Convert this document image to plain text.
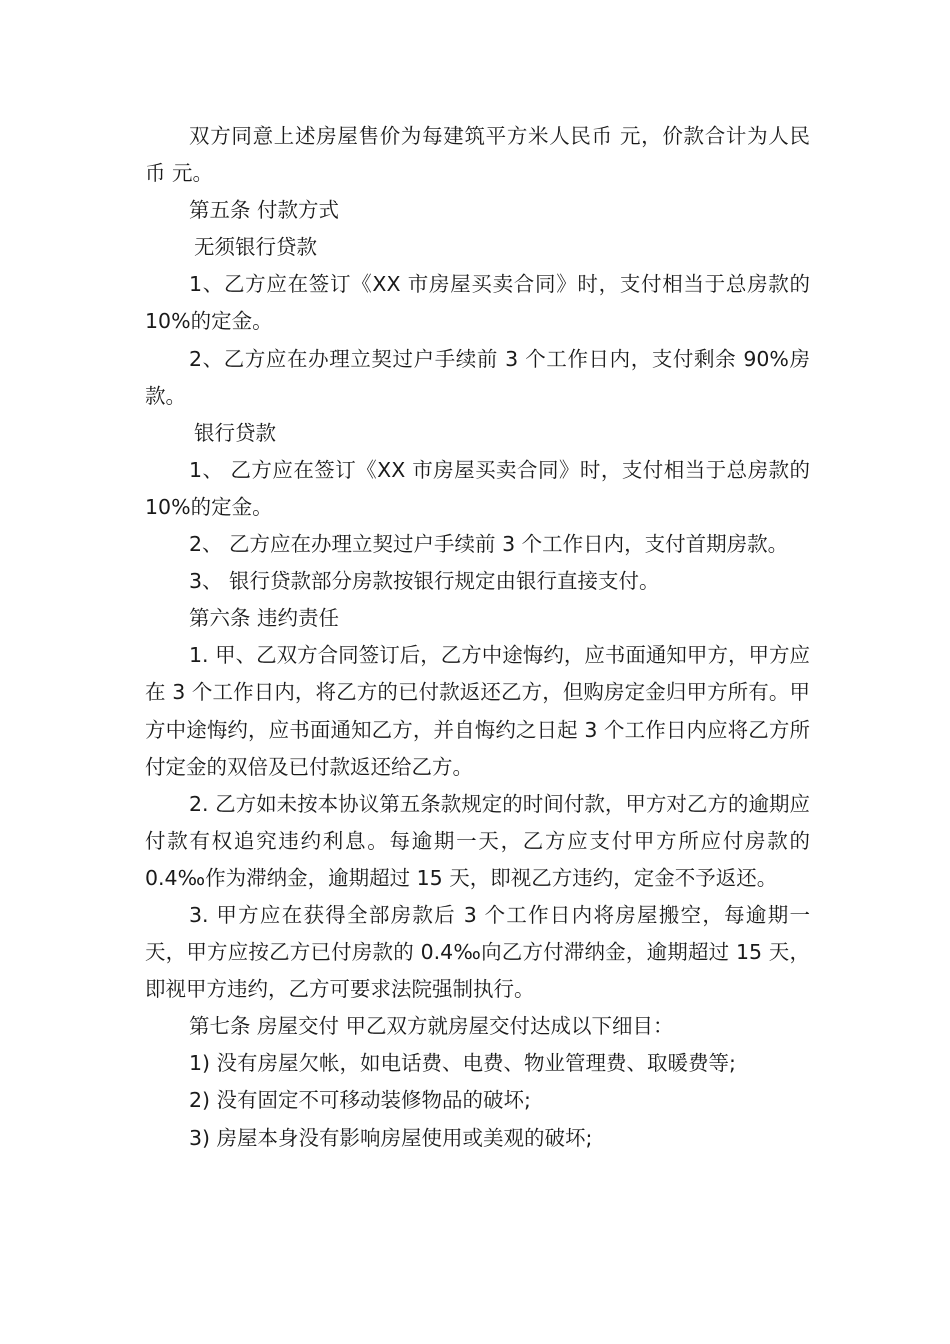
双方同意上述房屋售价为每建筑平方米人民币 元，价款合计为人民币 元。

第五条 付款方式

无须银行贷款

1、乙方应在签订《XX 市房屋买卖合同》时，支付相当于总房款的 10%的定金。

2、乙方应在办理立契过户手续前 3 个工作日内，支付剩余 90%房款。

银行贷款

1、 乙方应在签订《XX 市房屋买卖合同》时，支付相当于总房款的 10%的定金。

2、 乙方应在办理立契过户手续前 3 个工作日内，支付首期房款。

3、 银行贷款部分房款按银行规定由银行直接支付。

第六条 违约责任

1. 甲、乙双方合同签订后，乙方中途悔约，应书面通知甲方，甲方应在 3 个工作日内，将乙方的已付款返还乙方，但购房定金归甲方所有。甲方中途悔约，应书面通知乙方，并自悔约之日起 3 个工作日内应将乙方所付定金的双倍及已付款返还给乙方。

2. 乙方如未按本协议第五条款规定的时间付款，甲方对乙方的逾期应付款有权追究违约利息。每逾期一天，乙方应支付甲方所应付房款的 0.4‰作为滞纳金，逾期超过 15 天，即视乙方违约，定金不予返还。

3. 甲方应在获得全部房款后 3 个工作日内将房屋搬空，每逾期一天，甲方应按乙方已付房款的 0.4‰向乙方付滞纳金，逾期超过 15 天，即视甲方违约，乙方可要求法院强制执行。

第七条 房屋交付 甲乙双方就房屋交付达成以下细目：

1) 没有房屋欠帐，如电话费、电费、物业管理费、取暖费等;

2) 没有固定不可移动装修物品的破坏;

3) 房屋本身没有影响房屋使用或美观的破坏;
